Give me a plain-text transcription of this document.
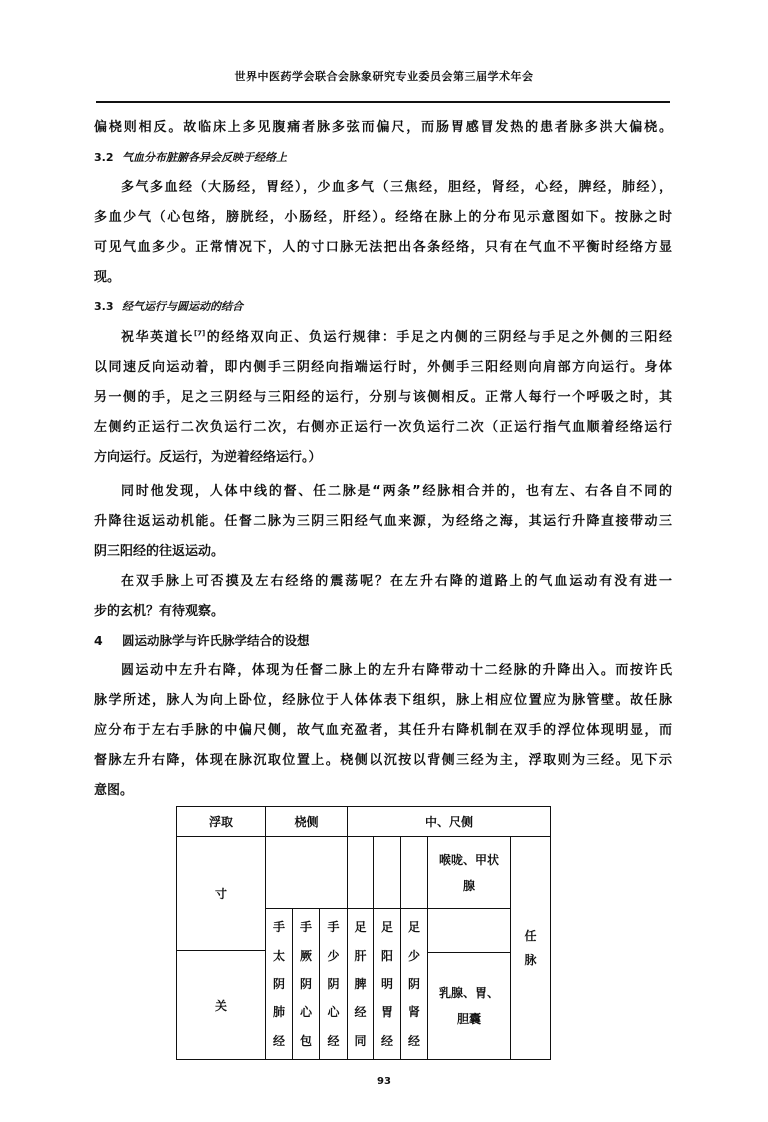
世界中医药学会联合会脉象研究专业委员会第三届学术年会
偏桡则相反。故临床上多见腹痛者脉多弦而偏尺，而肠胃感冒发热的患者脉多洪大偏桡。
3.2 气血分布脏腑各异会反映于经络上
多气多血经（大肠经，胃经），少血多气（三焦经，胆经，肾经，心经，脾经，肺经），
多血少气（心包络，膀胱经，小肠经，肝经）。经络在脉上的分布见示意图如下。按脉之时
可见气血多少。正常情况下，人的寸口脉无法把出各条经络，只有在气血不平衡时经络方显
现。
3.3 经气运行与圆运动的结合
祝华英道长[7]的经络双向正、负运行规律：手足之内侧的三阴经与手足之外侧的三阳经
以同速反向运动着，即内侧手三阴经向指端运行时，外侧手三阳经则向肩部方向运行。身体
另一侧的手，足之三阴经与三阳经的运行，分别与该侧相反。正常人每行一个呼吸之时，其
左侧约正运行二次负运行二次，右侧亦正运行一次负运行二次（正运行指气血顺着经络运行
方向运行。反运行，为逆着经络运行。）
同时他发现，人体中线的督、任二脉是“两条”经脉相合并的，也有左、右各自不同的
升降往返运动机能。任督二脉为三阴三阳经气血来源，为经络之海，其运行升降直接带动三
阴三阳经的往返运动。
在双手脉上可否摸及左右经络的震荡呢？在左升右降的道路上的气血运动有没有进一
步的玄机？有待观察。
4 圆运动脉学与许氏脉学结合的设想
圆运动中左升右降，体现为任督二脉上的左升右降带动十二经脉的升降出入。而按许氏
脉学所述，脉人为向上卧位，经脉位于人体体表下组织，脉上相应位置应为脉管壁。故任脉
应分布于左右手脉的中偏尺侧，故气血充盈者，其任升右降机制在双手的浮位体现明显，而
督脉左升右降，体现在脉沉取位置上。桡侧以沉按以背侧三经为主，浮取则为三经。见下示
意图。
浮取	桡侧	中、尺侧
寸
关
喉咙、甲状腺
乳腺、胃、胆囊
任脉
手
太
阴
肺
经
手
厥
阴
心
包
手
少
阴
心
经
足
肝
脾
经
同
足
阳
明
胃
经
足
少
阴
肾
经
93
